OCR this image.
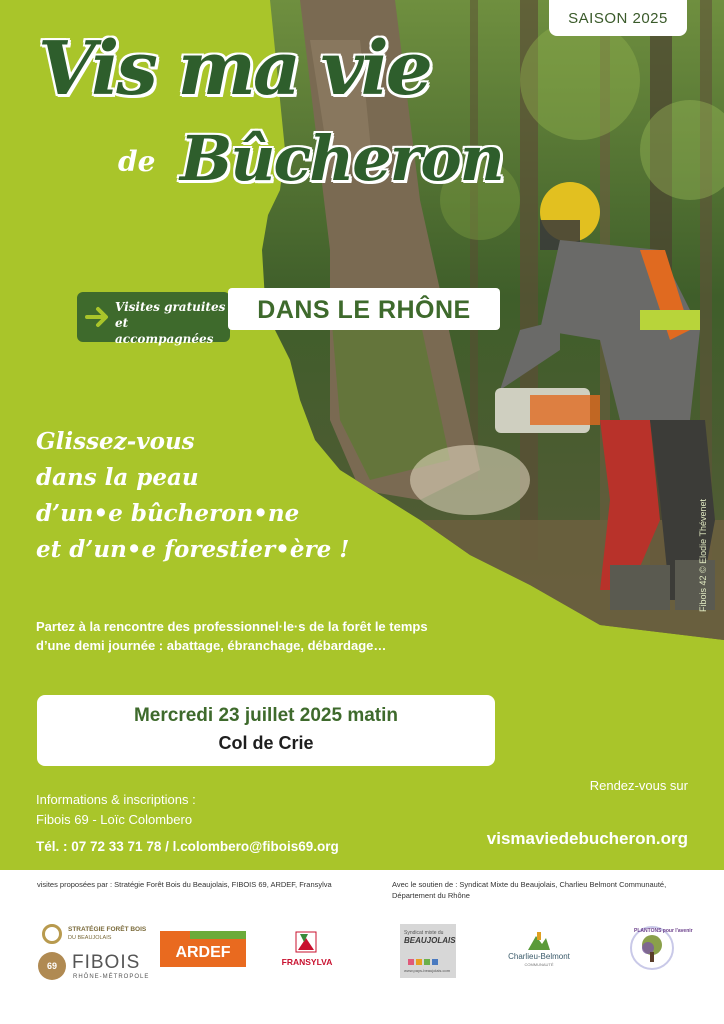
SAISON 2025
Vis ma vie
de Bûcheron
Visites gratuites
et accompagnées
DANS LE RHÔNE
Glissez-vous
dans la peau
d’un•e bûcheron•ne
et d’un•e forestier•ère !	Fibois 42 © Elodie Thévenet
Partez à la rencontre des professionnel·le·s de la forêt le temps
d’une demi journée : abattage, ébranchage, débardage…
Mercredi 23 juillet 2025 matin
Col de Crie
Informations & inscriptions :
Fibois 69 - Loïc Colombero
Tél. : 07 72 33 71 78 / l.colombero@fibois69.org
Rendez-vous sur
vismaviedebucheron.org
visites proposées par : Stratégie Forêt Bois du Beaujolais, FIBOIS 69, ARDEF, Fransylva	Avec le soutien de : Syndicat Mixte du Beaujolais, Charlieu Belmont Communauté, Département du Rhône
STRATÉGIE FORÊT BOIS
DU BEAUJOLAIS
69 FIBOIS
RHÔNE-MÉTROPOLE
ARDEF
FRANSYLVA
Syndicat mixte du
BEAUJOLAIS
www.pays-beaujolais.com
Charlieu-Belmont
COMMUNAUTÉ
PLANTONS pour l'avenir
